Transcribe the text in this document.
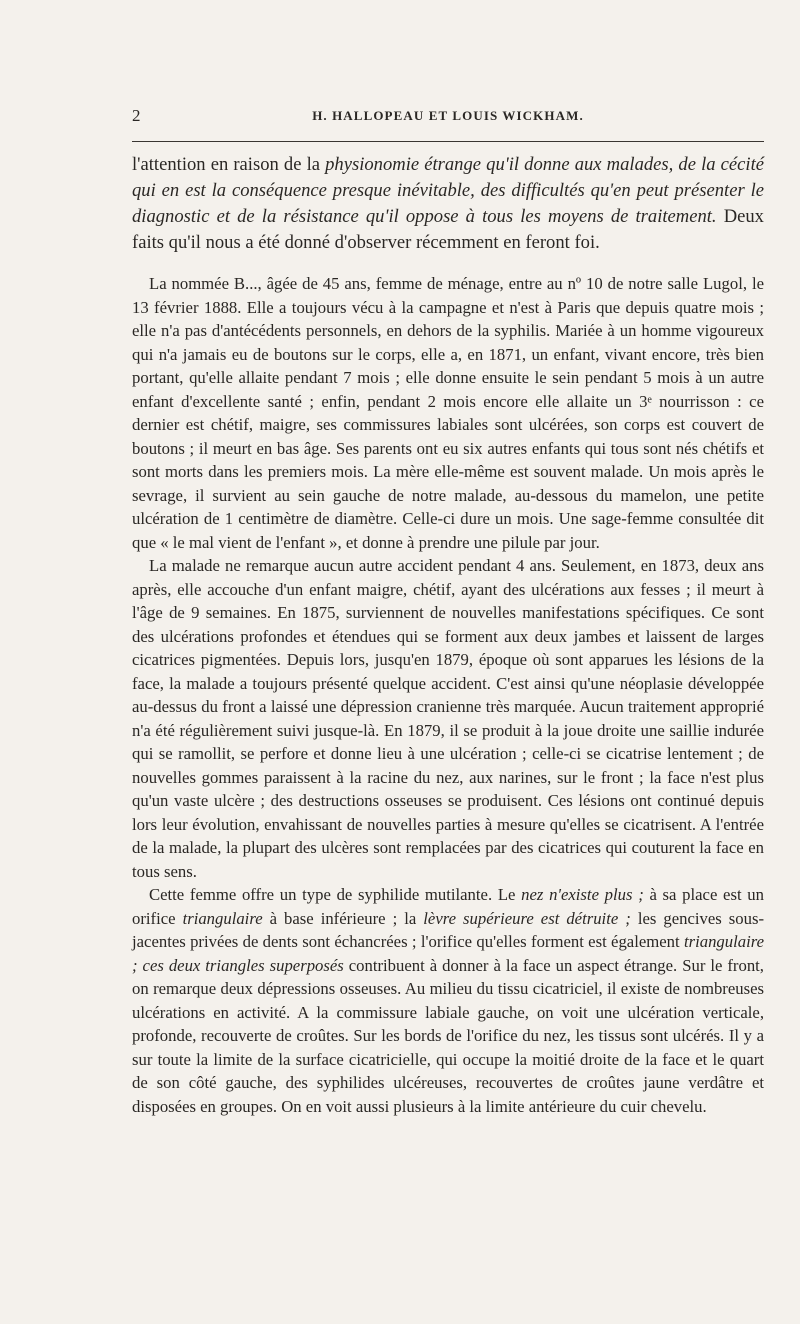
2	H. HALLOPEAU ET LOUIS WICKHAM.

l'attention en raison de la physionomie étrange qu'il donne aux malades, de la cécité qui en est la conséquence presque inévitable, des difficultés qu'en peut présenter le diagnostic et de la résistance qu'il oppose à tous les moyens de traitement. Deux faits qu'il nous a été donné d'observer récemment en feront foi.

La nommée B..., âgée de 45 ans, femme de ménage, entre au nº 10 de notre salle Lugol, le 13 février 1888. Elle a toujours vécu à la campagne et n'est à Paris que depuis quatre mois ; elle n'a pas d'antécédents personnels, en dehors de la syphilis. Mariée à un homme vigoureux qui n'a jamais eu de boutons sur le corps, elle a, en 1871, un enfant, vivant encore, très bien portant, qu'elle allaite pendant 7 mois ; elle donne ensuite le sein pendant 5 mois à un autre enfant d'excellente santé ; enfin, pendant 2 mois encore elle allaite un 3ᵉ nourrisson : ce dernier est chétif, maigre, ses commissures labiales sont ulcérées, son corps est couvert de boutons ; il meurt en bas âge. Ses parents ont eu six autres enfants qui tous sont nés chétifs et sont morts dans les premiers mois. La mère elle-même est souvent malade. Un mois après le sevrage, il survient au sein gauche de notre malade, au-dessous du mamelon, une petite ulcération de 1 centimètre de diamètre. Celle-ci dure un mois. Une sage-femme consultée dit que « le mal vient de l'enfant », et donne à prendre une pilule par jour.

La malade ne remarque aucun autre accident pendant 4 ans. Seulement, en 1873, deux ans après, elle accouche d'un enfant maigre, chétif, ayant des ulcérations aux fesses ; il meurt à l'âge de 9 semaines. En 1875, surviennent de nouvelles manifestations spécifiques. Ce sont des ulcérations profondes et étendues qui se forment aux deux jambes et laissent de larges cicatrices pigmentées. Depuis lors, jusqu'en 1879, époque où sont apparues les lésions de la face, la malade a toujours présenté quelque accident. C'est ainsi qu'une néoplasie développée au-dessus du front a laissé une dépression cranienne très marquée. Aucun traitement approprié n'a été régulièrement suivi jusque-là. En 1879, il se produit à la joue droite une saillie indurée qui se ramollit, se perfore et donne lieu à une ulcération ; celle-ci se cicatrise lentement ; de nouvelles gommes paraissent à la racine du nez, aux narines, sur le front ; la face n'est plus qu'un vaste ulcère ; des destructions osseuses se produisent. Ces lésions ont continué depuis lors leur évolution, envahissant de nouvelles parties à mesure qu'elles se cicatrisent. A l'entrée de la malade, la plupart des ulcères sont remplacées par des cicatrices qui couturent la face en tous sens.

Cette femme offre un type de syphilide mutilante. Le nez n'existe plus ; à sa place est un orifice triangulaire à base inférieure ; la lèvre supérieure est détruite ; les gencives sous-jacentes privées de dents sont échancrées ; l'orifice qu'elles forment est également triangulaire ; ces deux triangles superposés contribuent à donner à la face un aspect étrange. Sur le front, on remarque deux dépressions osseuses. Au milieu du tissu cicatriciel, il existe de nombreuses ulcérations en activité. A la commissure labiale gauche, on voit une ulcération verticale, profonde, recouverte de croûtes. Sur les bords de l'orifice du nez, les tissus sont ulcérés. Il y a sur toute la limite de la surface cicatricielle, qui occupe la moitié droite de la face et le quart de son côté gauche, des syphilides ulcéreuses, recouvertes de croûtes jaune verdâtre et disposées en groupes. On en voit aussi plusieurs à la limite antérieure du cuir chevelu.
